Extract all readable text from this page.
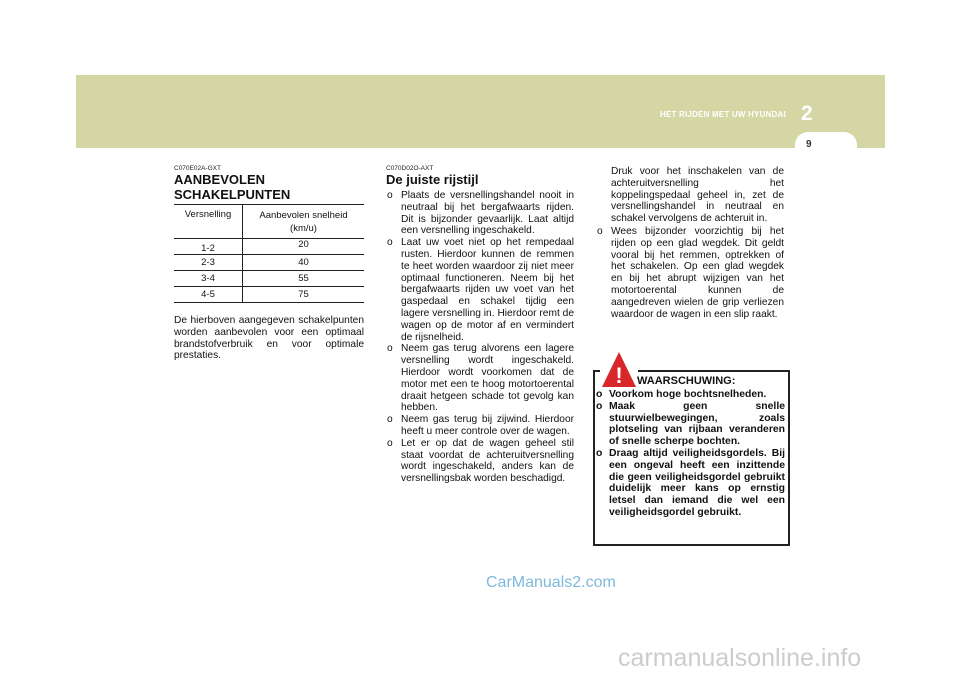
HET RIJDEN MET UW HYUNDAI 2
9
C070E02A-GXT
AANBEVOLEN
SCHAKELPUNTEN
Versnelling	Aanbevolen snelheid
(km/u)

1-2	20
2-3	40
3-4	55
4-5	75
De hierboven aangegeven schakelpunten worden aanbevolen voor een optimaal brandstofverbruik en voor optimale prestaties.
C070D02O-AXT
De juiste rijstijl
o Plaats de versnellingshandel nooit in neutraal bij het bergafwaarts rijden. Dit is bijzonder gevaarlijk. Laat altijd een versnelling ingeschakeld.
o Laat uw voet niet op het rempedaal rusten. Hierdoor kunnen de remmen te heet worden waardoor zij niet meer optimaal functioneren. Neem bij het bergafwaarts rijden uw voet van het gaspedaal en schakel tijdig een lagere versnelling in. Hierdoor remt de wagen op de motor af en vermindert de rijsnelheid.
o Neem gas terug alvorens een lagere versnelling wordt ingeschakeld. Hierdoor wordt voorkomen dat de motor met een te hoog motortoerental draait hetgeen schade tot gevolg kan hebben.
o Neem gas terug bij zijwind. Hierdoor heeft u meer controle over de wagen.
o Let er op dat de wagen geheel stil staat voordat de achteruitversnelling wordt ingeschakeld, anders kan de versnellingsbak worden beschadigd.
Druk voor het inschakelen van de achteruitversnelling het koppelingspedaal geheel in, zet de versnellingshandel in neutraal en schakel vervolgens de achteruit in.
o Wees bijzonder voorzichtig bij het rijden op een glad wegdek. Dit geldt vooral bij het remmen, optrekken of het schakelen. Op een glad wegdek en bij het abrupt wijzigen van het motortoerental kunnen de aangedreven wielen de grip verliezen waardoor de wagen in een slip raakt.
! WAARSCHUWING:
o Voorkom hoge bochtsnelheden.
o Maak geen snelle stuurwielbewegingen, zoals plotseling van rijbaan veranderen of snelle scherpe bochten.
o Draag altijd veiligheidsgordels. Bij een ongeval heeft een inzittende die geen veiligheidsgordel gebruikt duidelijk meer kans op ernstig letsel dan iemand die wel een veiligheidsgordel gebruikt.
CarManuals2.com
carmanualsonline.info
